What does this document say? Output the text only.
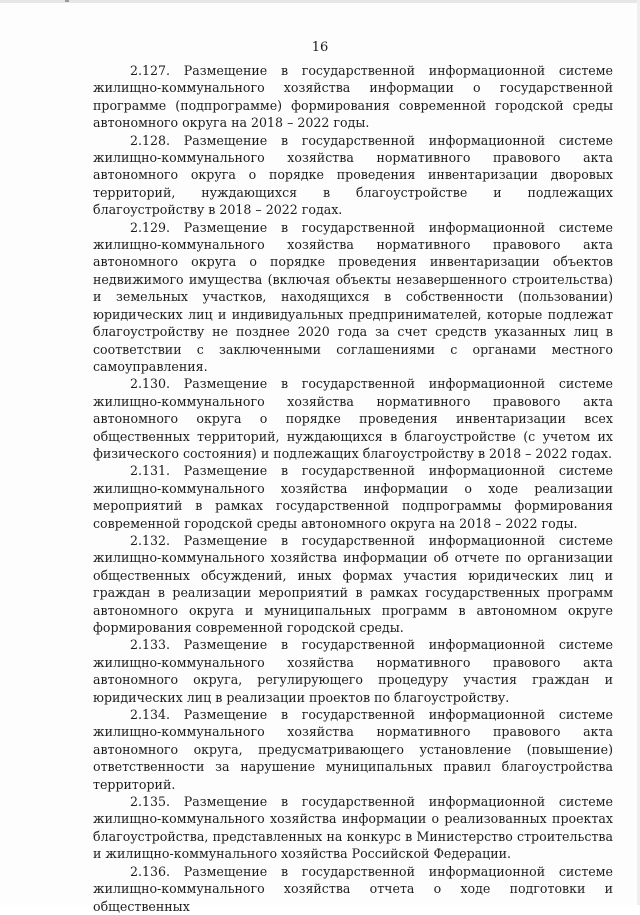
16

2.127. Размещение в государственной информационной системе жилищно-коммунального хозяйства информации о государственной программе (подпрограмме) формирования современной городской среды автономного округа на 2018 – 2022 годы.

2.128. Размещение в государственной информационной системе жилищно-коммунального хозяйства нормативного правового акта автономного округа о порядке проведения инвентаризации дворовых территорий, нуждающихся в благоустройстве и подлежащих благоустройству в 2018 – 2022 годах.

2.129. Размещение в государственной информационной системе жилищно-коммунального хозяйства нормативного правового акта автономного округа о порядке проведения инвентаризации объектов недвижимого имущества (включая объекты незавершенного строительства) и земельных участков, находящихся в собственности (пользовании) юридических лиц и индивидуальных предпринимателей, которые подлежат благоустройству не позднее 2020 года за счет средств указанных лиц в соответствии с заключенными соглашениями с органами местного самоуправления.

2.130. Размещение в государственной информационной системе жилищно-коммунального хозяйства нормативного правового акта автономного округа о порядке проведения инвентаризации всех общественных территорий, нуждающихся в благоустройстве (с учетом их физического состояния) и подлежащих благоустройству в 2018 – 2022 годах.

2.131. Размещение в государственной информационной системе жилищно-коммунального хозяйства информации о ходе реализации мероприятий в рамках государственной подпрограммы формирования современной городской среды автономного округа на 2018 – 2022 годы.

2.132. Размещение в государственной информационной системе жилищно-коммунального хозяйства информации об отчете по организации общественных обсуждений, иных формах участия юридических лиц и граждан в реализации мероприятий в рамках государственных программ автономного округа и муниципальных программ в автономном округе формирования современной городской среды.

2.133. Размещение в государственной информационной системе жилищно-коммунального хозяйства нормативного правового акта автономного округа, регулирующего процедуру участия граждан и юридических лиц в реализации проектов по благоустройству.

2.134. Размещение в государственной информационной системе жилищно-коммунального хозяйства нормативного правового акта автономного округа, предусматривающего установление (повышение) ответственности за нарушение муниципальных правил благоустройства территорий.

2.135. Размещение в государственной информационной системе жилищно-коммунального хозяйства информации о реализованных проектах благоустройства, представленных на конкурс в Министерство строительства и жилищно-коммунального хозяйства Российской Федерации.

2.136. Размещение в государственной информационной системе жилищно-коммунального хозяйства отчета о ходе подготовки и общественных
